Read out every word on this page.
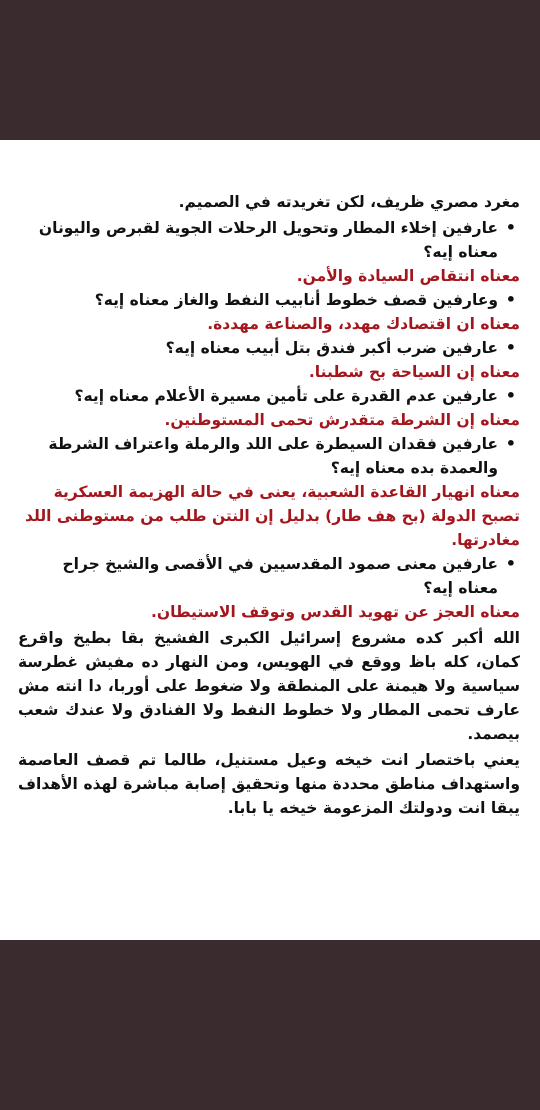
مغرد مصري ظريف، لكن تغريدته في الصميم.
• عارفين إخلاء المطار وتحويل الرحلات الجوية لقبرص واليونان معناه إيه؟
معناه انتقاص السيادة والأمن.
• وعارفين قصف خطوط أنابيب النفط والغاز معناه إيه؟
معناه ان اقتصادك مهدد، والصناعة مهددة.
• عارفين ضرب أكبر فندق بتل أبيب معناه إيه؟
معناه إن السياحة بح شطبنا.
• عارفين عدم القدرة على تأمين مسيرة الأعلام معناه إيه؟
معناه إن الشرطة متقدرش تحمى المستوطنين.
• عارفين فقدان السيطرة على اللد والرملة واعتراف الشرطة والعمدة بده معناه إيه؟
معناه انهيار القاعدة الشعبية، يعنى في حالة الهزيمة العسكرية تصبح الدولة (بح هف طار) بدليل إن النتن طلب من مستوطنى اللد مغادرتها.
• عارفين معنى صمود المقدسيين في الأقصى والشيخ جراح معناه إيه؟
معناه العجز عن تهويد القدس وتوقف الاستيطان.

الله أكبر كده مشروع إسرائيل الكبرى الفشيخ بقا بطيخ واقرع كمان، كله باظ ووقع في الهويس، ومن النهار ده مفيش غطرسة سياسية ولا هيمنة على المنطقة ولا ضغوط على أوربا، دا انته مش عارف تحمى المطار ولا خطوط النفط ولا الفنادق ولا عندك شعب بيصمد.

يعني باختصار انت خيخه وعيل مستنيل، طالما تم قصف العاصمة واستهداف مناطق محددة منها وتحقيق إصابة مباشرة لهذه الأهداف يبقا انت ودولتك المزعومة خيخه يا بابا.
